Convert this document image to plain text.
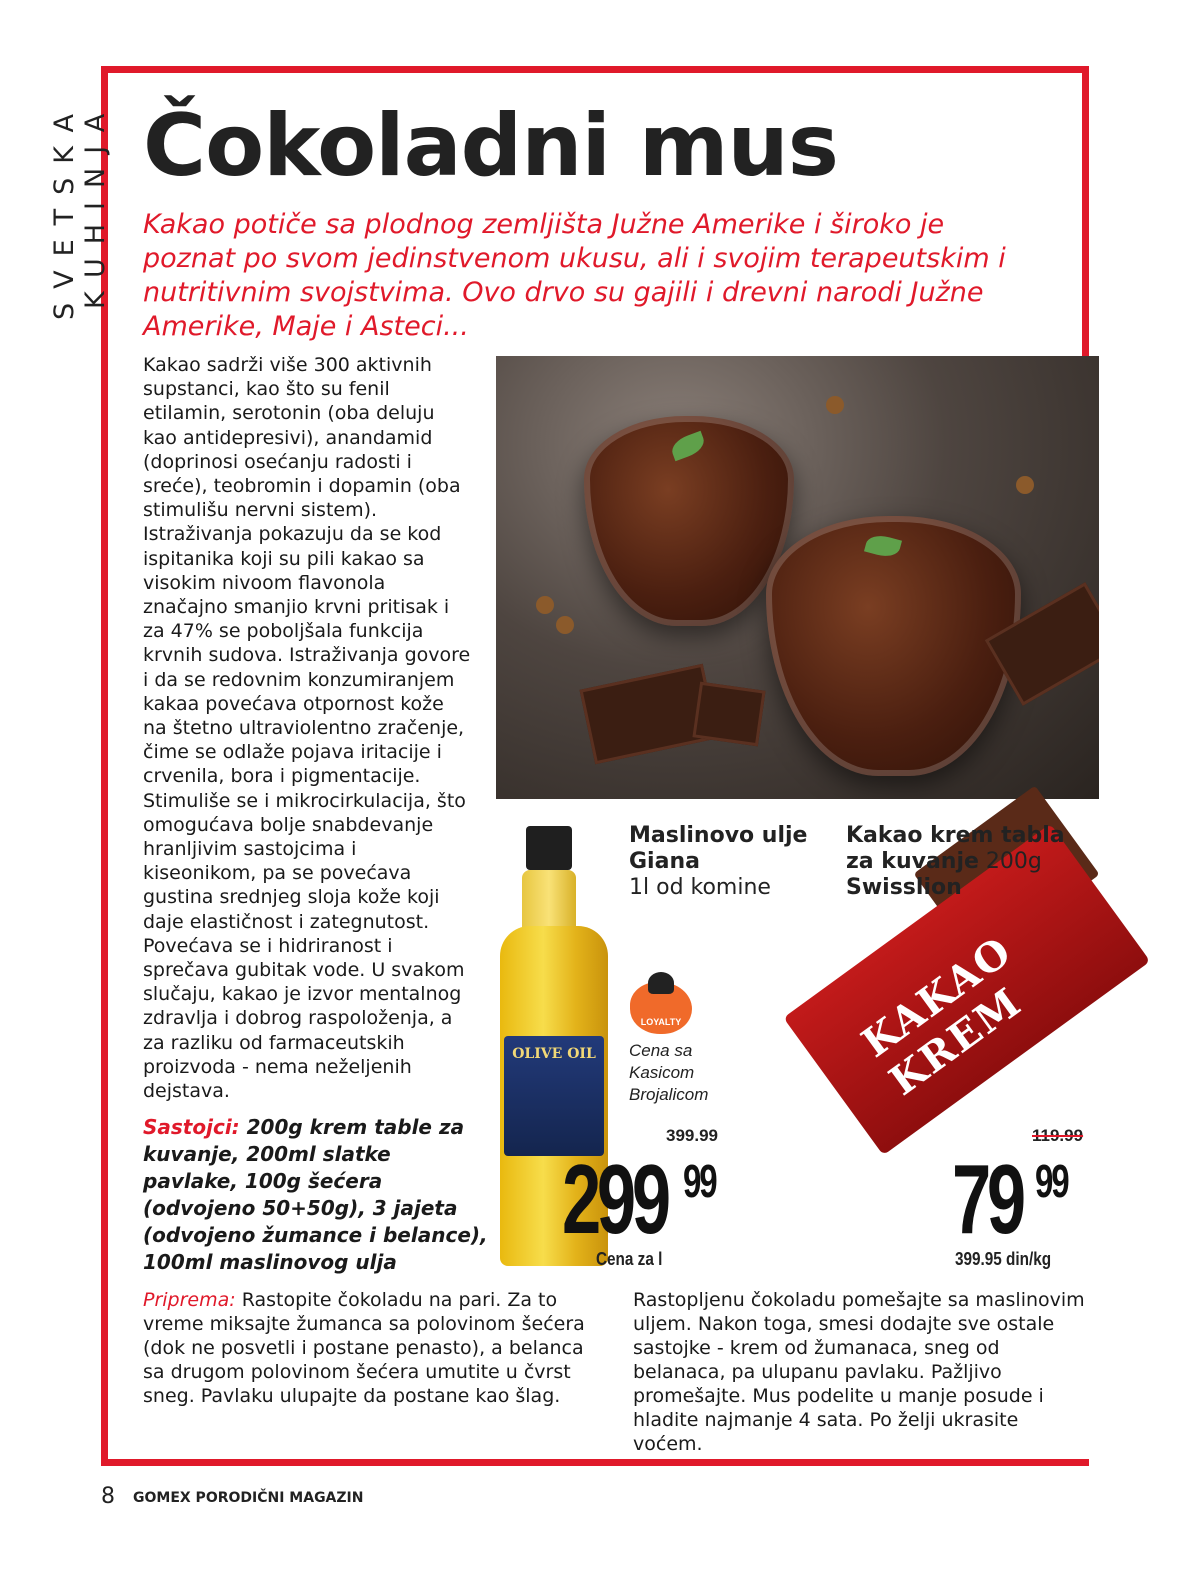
SVETSKA KUHINJA Čokoladni mus

Kakao potiče sa plodnog zemljišta Južne Amerike i široko je poznat po svom jedinstvenom ukusu, ali i svojim terapeutskim i nutritivnim svojstvima. Ovo drvo su gajili i drevni narodi Južne Amerike, Maje i Asteci...

Kakao sadrži više 300 aktivnih supstanci, kao što su fenil etilamin, serotonin (oba deluju kao antidepresivi), anandamid (doprinosi osećanju radosti i sreće), teobromin i dopamin (oba stimulišu nervni sistem). Istraživanja pokazuju da se kod ispitanika koji su pili kakao sa visokim nivoom flavonola značajno smanjio krvni pritisak i za 47% se poboljšala funkcija krvnih sudova. Istraživanja govore i da se redovnim konzumiranjem kakaa povećava otpornost kože na štetno ultraviolentno zračenje, čime se odlaže pojava iritacije i crvenila, bora i pigmentacije. Stimuliše se i mikrocirkulacija, što omogućava bolje snabdevanje hranljivim sastojcima i kiseonikom, pa se povećava gustina srednjeg sloja kože koji daje elastičnost i zategnutost. Povećava se i hidriranost i sprečava gubitak vode. U svakom slučaju, kakao je izvor mentalnog zdravlja i dobrog raspoloženja, a za razliku od farmaceutskih proizvoda - nema neželjenih dejstava.

Sastojci: 200g krem table za kuvanje, 200ml slatke pavlake, 100g šećera (odvojeno 50+50g), 3 jajeta (odvojeno žumance i belance), 100ml maslinovog ulja

OLIVE OIL	KAKAO KREM

Maslinovo ulje Giana
1l od komine

Kakao krem tabla za kuvanje 200g
Swisslion

LOYALTY

Cena sa Kasicom Brojalicom

399.99

299 99

Cena za l

119.99

79 99

399.95 din/kg

Priprema: Rastopite čokoladu na pari. Za to vreme miksajte žumanca sa polovinom šećera (dok ne posvetli i postane penasto), a belanca sa drugom polovinom šećera umutite u čvrst sneg. Pavlaku ulupajte da postane kao šlag.

Rastopljenu čokoladu pomešajte sa maslinovim uljem. Nakon toga, smesi dodajte sve ostale sastojke - krem od žumanaca, sneg od belanaca, pa ulupanu pavlaku. Pažljivo promešajte. Mus podelite u manje posude i hladite najmanje 4 sata. Po želji ukrasite voćem.

8 GOMEX PORODIČNI MAGAZIN
